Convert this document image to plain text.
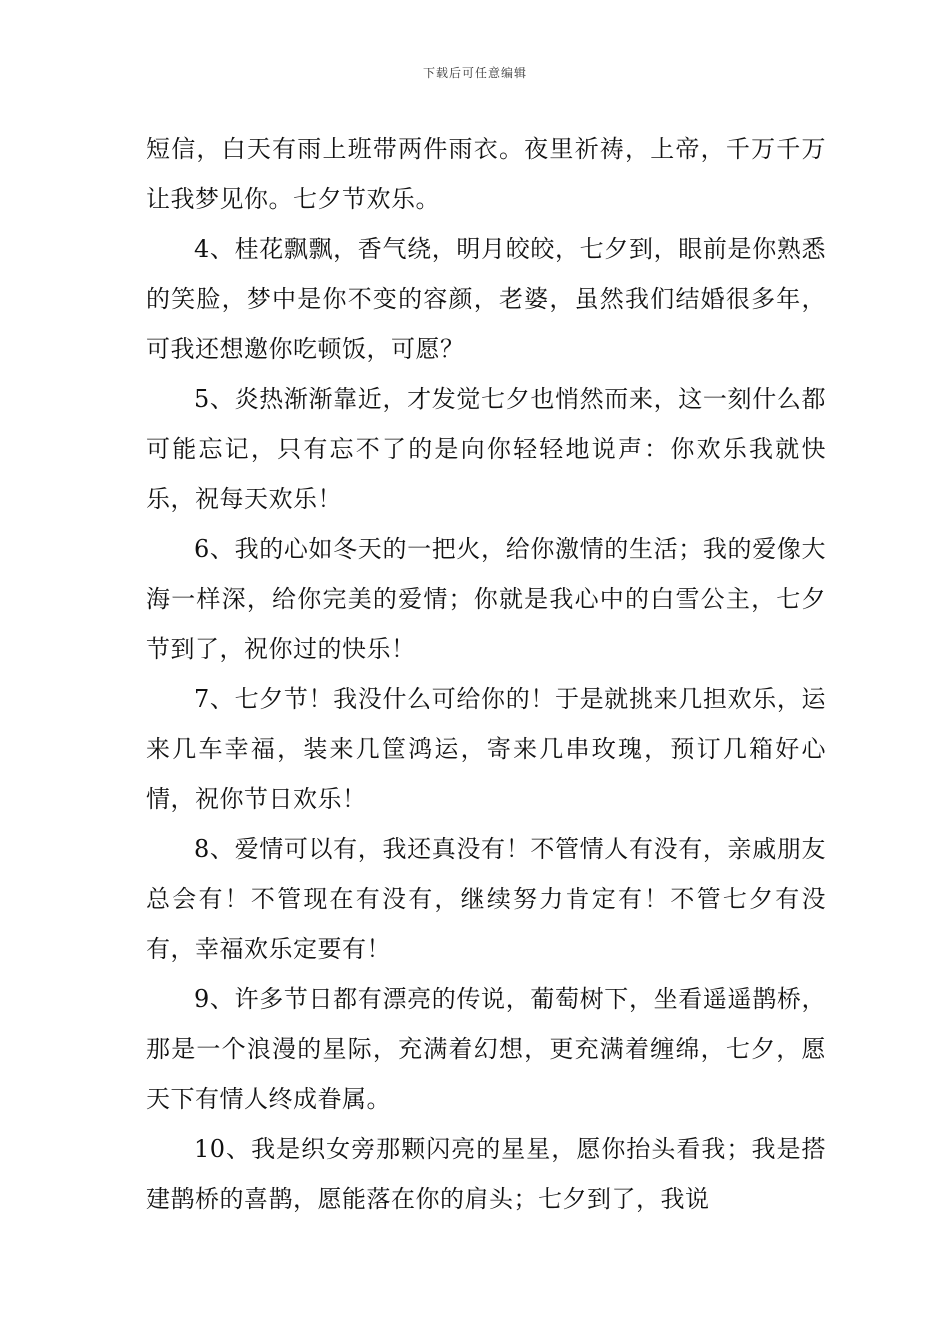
下载后可任意编辑

短信，白天有雨上班带两件雨衣。夜里祈祷，上帝，千万千万让我梦见你。七夕节欢乐。

4、桂花飘飘，香气绕，明月皎皎，七夕到，眼前是你熟悉的笑脸，梦中是你不变的容颜，老婆，虽然我们结婚很多年，可我还想邀你吃顿饭，可愿？

5、炎热渐渐靠近，才发觉七夕也悄然而来，这一刻什么都可能忘记，只有忘不了的是向你轻轻地说声：你欢乐我就快乐，祝每天欢乐！

6、我的心如冬天的一把火，给你激情的生活；我的爱像大海一样深，给你完美的爱情；你就是我心中的白雪公主，七夕节到了，祝你过的快乐！

7、七夕节！我没什么可给你的！于是就挑来几担欢乐，运来几车幸福，装来几筐鸿运，寄来几串玫瑰，预订几箱好心情，祝你节日欢乐！

8、爱情可以有，我还真没有！不管情人有没有，亲戚朋友总会有！不管现在有没有，继续努力肯定有！不管七夕有没有，幸福欢乐定要有！

9、许多节日都有漂亮的传说，葡萄树下，坐看遥遥鹊桥，那是一个浪漫的星际，充满着幻想，更充满着缠绵，七夕，愿天下有情人终成眷属。

10、我是织女旁那颗闪亮的星星，愿你抬头看我；我是搭建鹊桥的喜鹊，愿能落在你的肩头；七夕到了，我说
